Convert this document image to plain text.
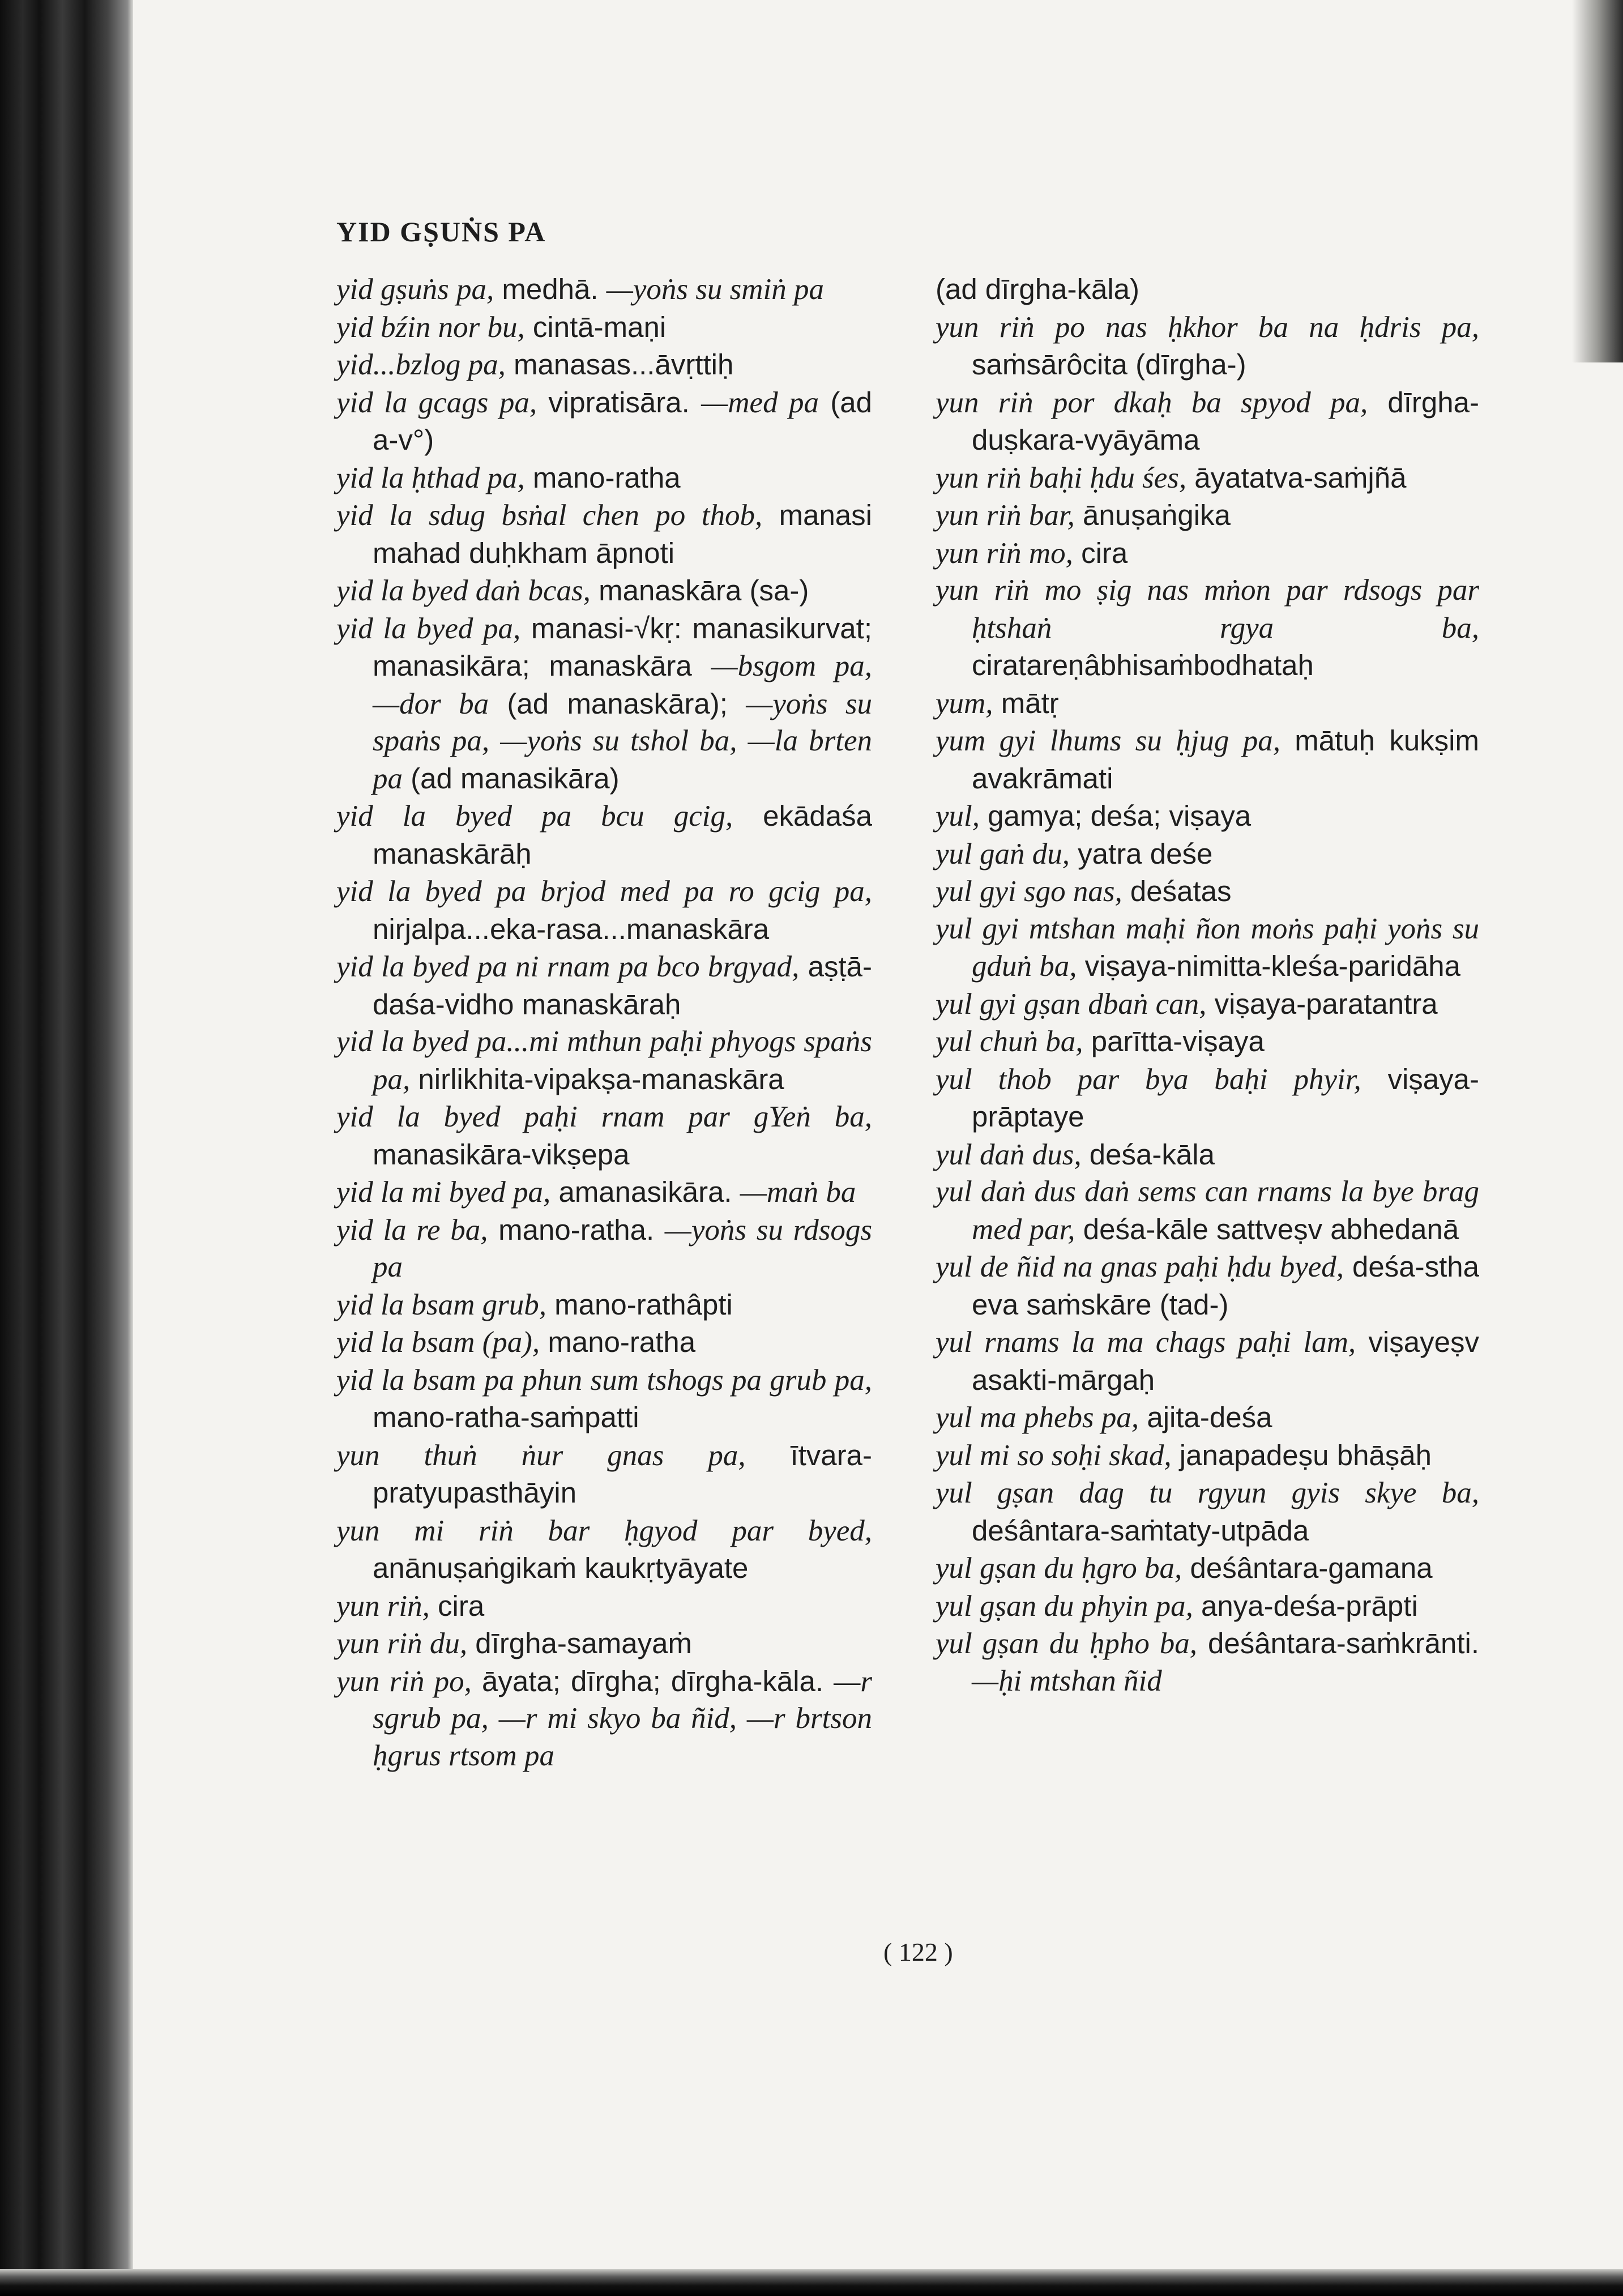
YID GṢUṄS PA
yid gṣuṅs pa, medhā. —yoṅs su smiṅ pa
yid bźin nor bu, cintā-maṇi
yid...bzlog pa, manasas...āvṛttiḥ
yid la gcags pa, vipratisāra. —med pa (ad a-v°)
yid la ḥthad pa, mano-ratha
yid la sdug bsṅal chen po thob, manasi mahad duḥkham āpnoti
yid la byed daṅ bcas, manaskāra (sa-)
yid la byed pa, manasi-√kṛ: manasikurvat; manasikāra; manaskāra —bsgom pa, —dor ba (ad manaskāra); —yoṅs su spaṅs pa, —yoṅs su tshol ba, —la brten pa (ad manasikāra)
yid la byed pa bcu gcig, ekādaśa manaskārāḥ
yid la byed pa brjod med pa ro gcig pa, nirjalpa...eka-rasa...manaskāra
yid la byed pa ni rnam pa bco brgyad, aṣṭā-daśa-vidho manaskāraḥ
yid la byed pa...mi mthun paḥi phyogs spaṅs pa, nirlikhita-vipakṣa-manaskāra
yid la byed paḥi rnam par gYeṅ ba, manasikāra-vikṣepa
yid la mi byed pa, amanasikāra. —maṅ ba
yid la re ba, mano-ratha. —yoṅs su rdsogs pa
yid la bsam grub, mano-rathâpti
yid la bsam (pa), mano-ratha
yid la bsam pa phun sum tshogs pa grub pa, mano-ratha-saṁpatti
yun thuṅ ṅur gnas pa, ītvara-pratyupasthāyin
yun mi riṅ bar ḥgyod par byed, anānuṣaṅgikaṁ kaukṛtyāyate
yun riṅ, cira
yun riṅ du, dīrgha-samayaṁ
yun riṅ po, āyata; dīrgha; dīrgha-kāla. —r sgrub pa, —r mi skyo ba ñid, —r brtson ḥgrus rtsom pa
(ad dīrgha-kāla)
yun riṅ po nas ḥkhor ba na ḥdris pa, saṁsārôcita (dīrgha-)
yun riṅ por dkaḥ ba spyod pa, dīrgha-duṣkara-vyāyāma
yun riṅ baḥi ḥdu śes, āyatatva-saṁjñā
yun riṅ bar, ānuṣaṅgika
yun riṅ mo, cira
yun riṅ mo ṣig nas mṅon par rdsogs par ḥtshaṅ rgya ba, ciratareṇâbhisaṁbodhataḥ
yum, mātṛ
yum gyi lhums su ḥjug pa, mātuḥ kukṣim avakrāmati
yul, gamya; deśa; viṣaya
yul gaṅ du, yatra deśe
yul gyi sgo nas, deśatas
yul gyi mtshan maḥi ñon moṅs paḥi yoṅs su gduṅ ba, viṣaya-nimitta-kleśa-paridāha
yul gyi gṣan dbaṅ can, viṣaya-paratantra
yul chuṅ ba, parītta-viṣaya
yul thob par bya baḥi phyir, viṣaya-prāptaye
yul daṅ dus, deśa-kāla
yul daṅ dus daṅ sems can rnams la bye brag med par, deśa-kāle sattveṣv abhedanā
yul de ñid na gnas paḥi ḥdu byed, deśa-stha eva saṁskāre (tad-)
yul rnams la ma chags paḥi lam, viṣayeṣv asakti-mārgaḥ
yul ma phebs pa, ajita-deśa
yul mi so soḥi skad, janapadeṣu bhāṣāḥ
yul gṣan dag tu rgyun gyis skye ba, deśântara-saṁtaty-utpāda
yul gṣan du ḥgro ba, deśântara-gamana
yul gṣan du phyin pa, anya-deśa-prāpti
yul gṣan du ḥpho ba, deśântara-saṁkrānti. —ḥi mtshan ñid
( 122 )
